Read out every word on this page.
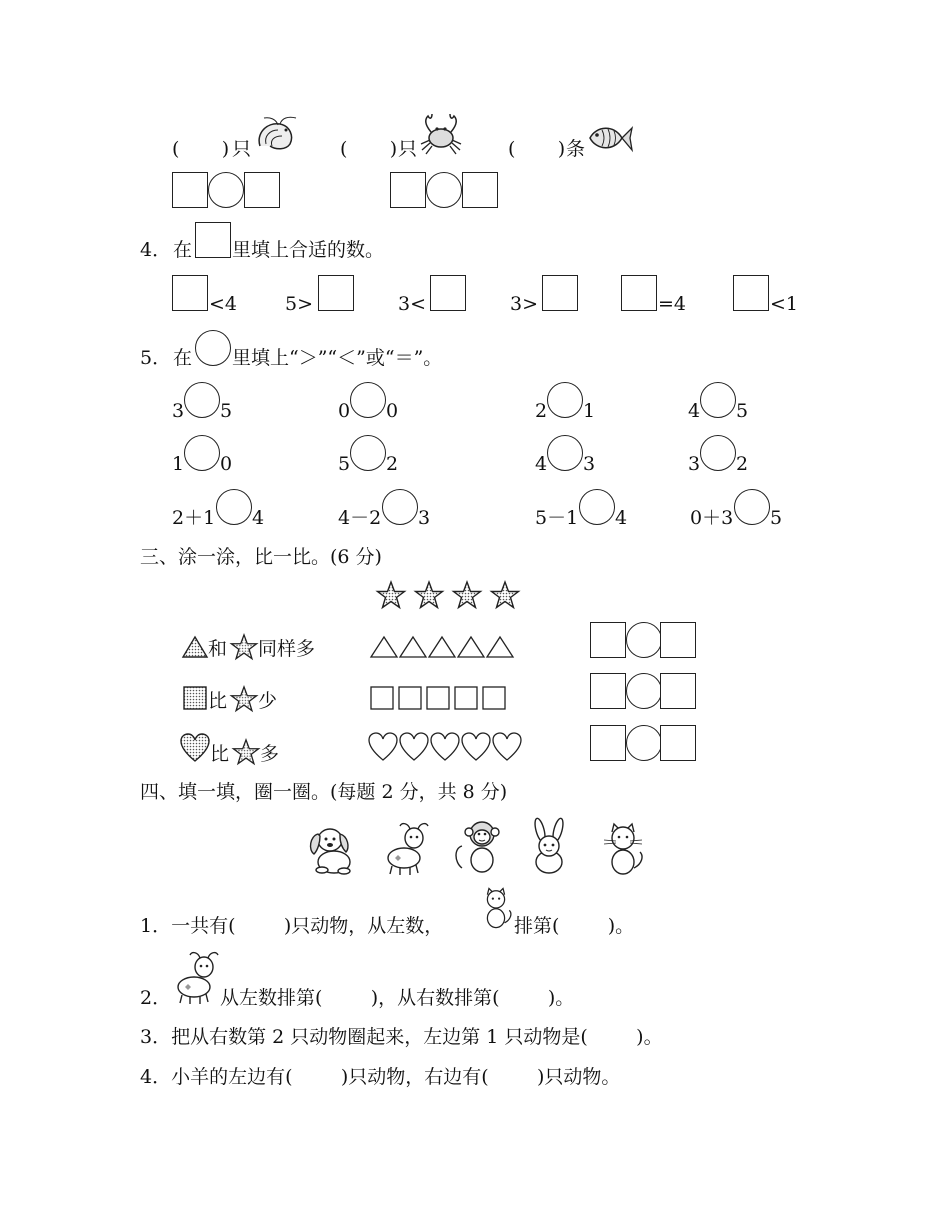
(       ) 只	(       ) 只	(       ) 条
4． 在 里填上合适的数。
<4	5>	3<	3>	=4	<1
5． 在 里填上“＞”“＜”或“＝”。
3 5	0 0	2 1	4 5
1 0	5 2	4 3	3 2
2＋1 4	4－2 3	5－1 4	0＋3 5
三、涂一涂，比一比。(6 分)
和 同样多
比 少
比 多
四、填一填，圈一圈。(每题 2 分，共 8 分)
1．一共有(        )只动物，从左数，	排第(        )。
2．	从左数排第(        )，从右数排第(        )。
3．把从右数第 2 只动物圈起来，左边第 1 只动物是(        )。
4．小羊的左边有(        )只动物，右边有(        )只动物。
